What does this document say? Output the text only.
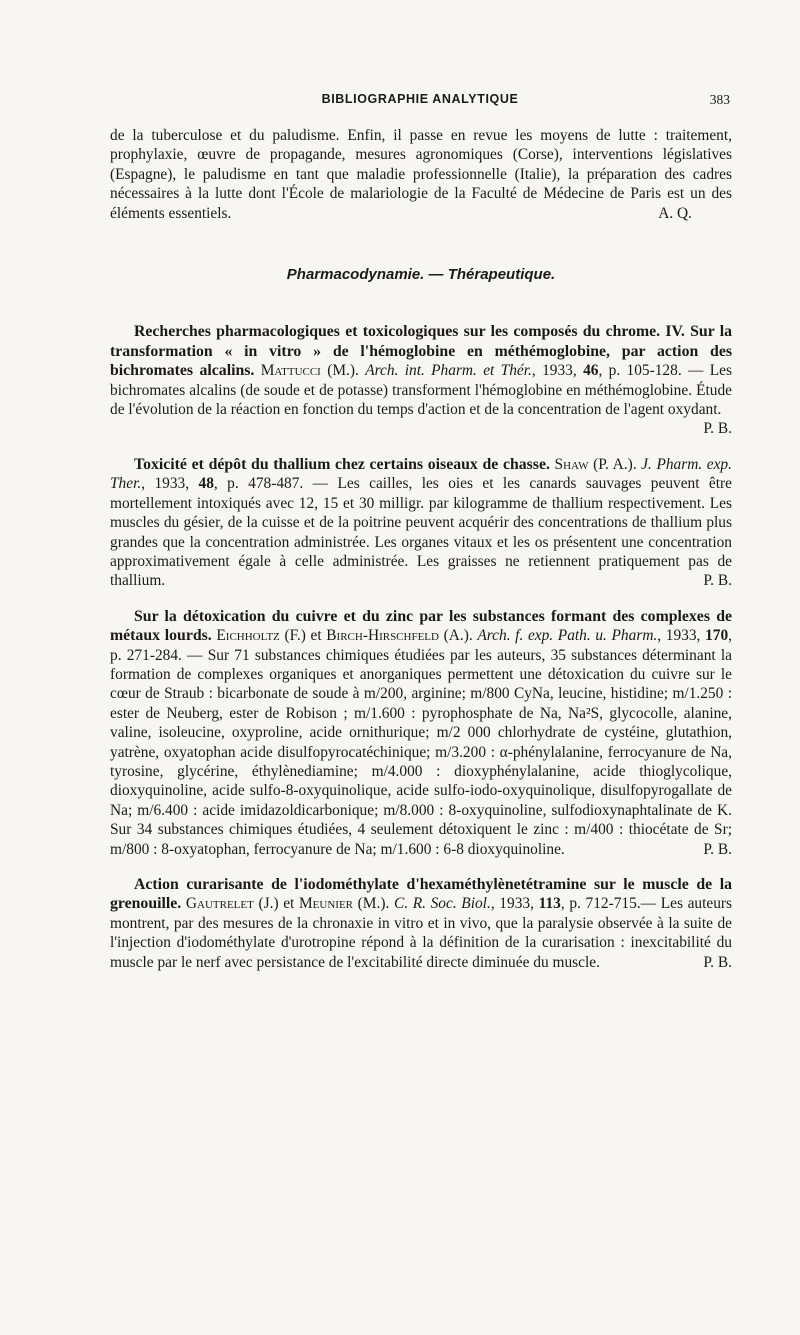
BIBLIOGRAPHIE ANALYTIQUE	383

de la tuberculose et du paludisme. Enfin, il passe en revue les moyens de lutte : traitement, prophylaxie, œuvre de propagande, mesures agronomiques (Corse), interventions législatives (Espagne), le paludisme en tant que maladie professionnelle (Italie), la préparation des cadres nécessaires à la lutte dont l'École de malariologie de la Faculté de Médecine de Paris est un des éléments essentiels.	A. Q.

Pharmacodynamie. — Thérapeutique.

Recherches pharmacologiques et toxicologiques sur les composés du chrome. IV. Sur la transformation « in vitro » de l'hémoglobine en méthémoglobine, par action des bichromates alcalins. Mattucci (M.). Arch. int. Pharm. et Thér., 1933, 46, p. 105-128. — Les bichromates alcalins (de soude et de potasse) transforment l'hémoglobine en méthémoglobine. Étude de l'évolution de la réaction en fonction du temps d'action et de la concentration de l'agent oxydant.
P. B.

Toxicité et dépôt du thallium chez certains oiseaux de chasse. Shaw (P. A.). J. Pharm. exp. Ther., 1933, 48, p. 478-487. — Les cailles, les oies et les canards sauvages peuvent être mortellement intoxiqués avec 12, 15 et 30 milligr. par kilogramme de thallium respectivement. Les muscles du gésier, de la cuisse et de la poitrine peuvent acquérir des concentrations de thallium plus grandes que la concentration administrée. Les organes vitaux et les os présentent une concentration approximativement égale à celle administrée. Les graisses ne retiennent pratiquement pas de thallium.	P. B.

Sur la détoxication du cuivre et du zinc par les substances formant des complexes de métaux lourds. Eichholtz (F.) et Birch-Hirschfeld (A.). Arch. f. exp. Path. u. Pharm., 1933, 170, p. 271-284. — Sur 71 substances chimiques étudiées par les auteurs, 35 substances déterminant la formation de complexes organiques et anorganiques permettent une détoxication du cuivre sur le cœur de Straub : bicarbonate de soude à m/200, arginine; m/800 CyNa, leucine, histidine; m/1.250 : ester de Neuberg, ester de Robison ; m/1.600 : pyrophosphate de Na, Na²S, glycocolle, alanine, valine, isoleucine, oxyproline, acide ornithurique; m/2 000 chlorhydrate de cystéine, glutathion, yatrène, oxyatophan acide disulfopyrocatéchinique; m/3.200 : α-phénylalanine, ferrocyanure de Na, tyrosine, glycérine, éthylènediamine; m/4.000 : dioxyphénylalanine, acide thioglycolique, dioxyquinoline, acide sulfo-8-oxyquinolique, acide sulfo-iodo-oxyquinolique, disulfopyrogallate de Na; m/6.400 : acide imidazoldicarbonique; m/8.000 : 8-oxyquinoline, sulfodioxynaphtalinate de K. Sur 34 substances chimiques étudiées, 4 seulement détoxiquent le zinc : m/400 : thiocétate de Sr; m/800 : 8-oxyatophan, ferrocyanure de Na; m/1.600 : 6-8 dioxyquinoline.	P. B.

Action curarisante de l'iodométhylate d'hexaméthylènetétramine sur le muscle de la grenouille. Gautrelet (J.) et Meunier (M.). C. R. Soc. Biol., 1933, 113, p. 712-715.— Les auteurs montrent, par des mesures de la chronaxie in vitro et in vivo, que la paralysie observée à la suite de l'injection d'iodométhylate d'urotropine répond à la définition de la curarisation : inexcitabilité du muscle par le nerf avec persistance de l'excitabilité directe diminuée du muscle.	P. B.
